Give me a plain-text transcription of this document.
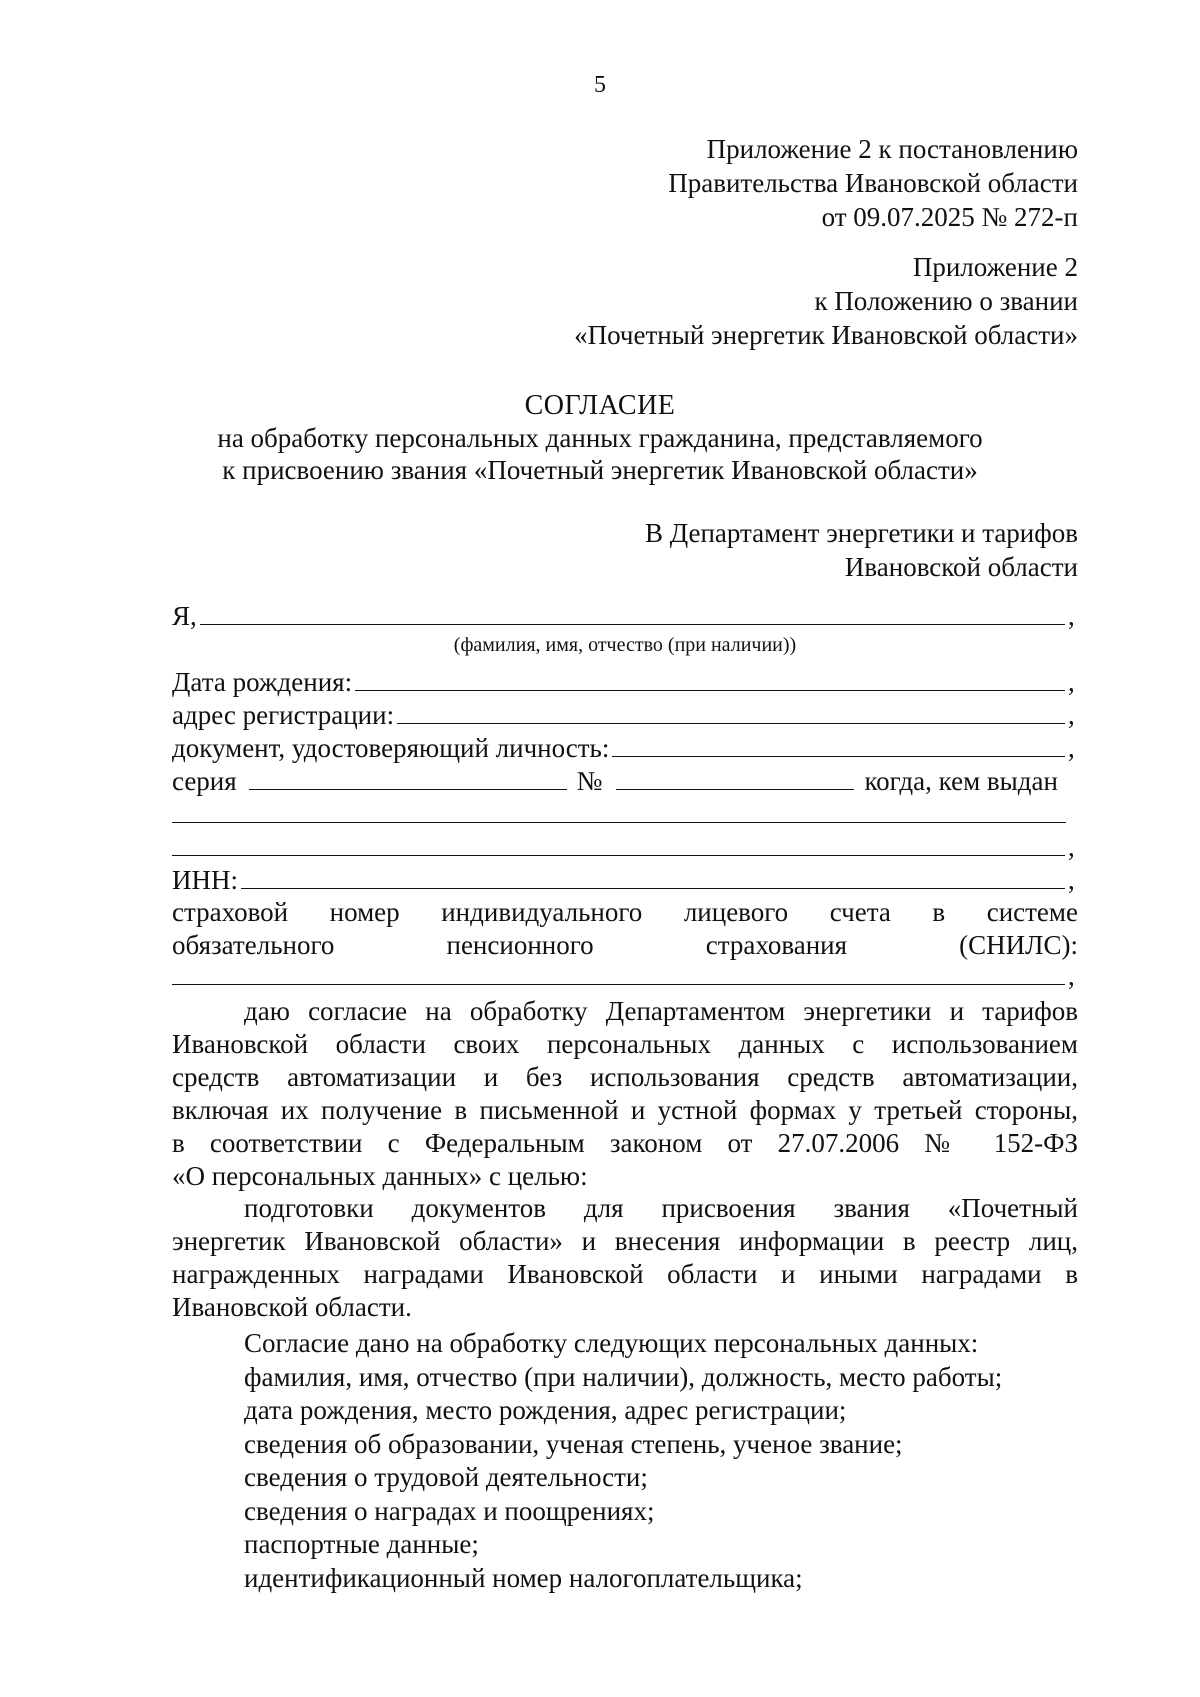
5
Приложение 2 к постановлению
Правительства Ивановской области
от 09.07.2025 № 272-п
Приложение 2
к Положению о звании
«Почетный энергетик Ивановской области»
СОГЛАСИЕ
на обработку персональных данных гражданина, представляемого
к присвоению звания «Почетный энергетик Ивановской области»
В Департамент энергетики и тарифов
Ивановской области
Я,	,
(фамилия, имя, отчество (при наличии))
Дата рождения:	,
адрес регистрации:	,
документ, удостоверяющий личность:	,
серия	№	когда, кем выдан
,
ИНН:	,
страховой номер индивидуального лицевого счета в системе
обязательного	пенсионного	страхования	(СНИЛС):
,
даю согласие на обработку Департаментом энергетики и тарифов
Ивановской области своих персональных данных с использованием
средств автоматизации и без использования средств автоматизации,
включая их получение в письменной и устной формах у третьей стороны,
в соответствии с Федеральным законом от 27.07.2006 № 152-ФЗ
«О персональных данных» с целью:
подготовки документов для присвоения звания «Почетный
энергетик Ивановской области» и внесения информации в реестр лиц,
награжденных наградами Ивановской области и иными наградами в
Ивановской области.
Согласие дано на обработку следующих персональных данных:
фамилия, имя, отчество (при наличии), должность, место работы;
дата рождения, место рождения, адрес регистрации;
сведения об образовании, ученая степень, ученое звание;
сведения о трудовой деятельности;
сведения о наградах и поощрениях;
паспортные данные;
идентификационный номер налогоплательщика;
